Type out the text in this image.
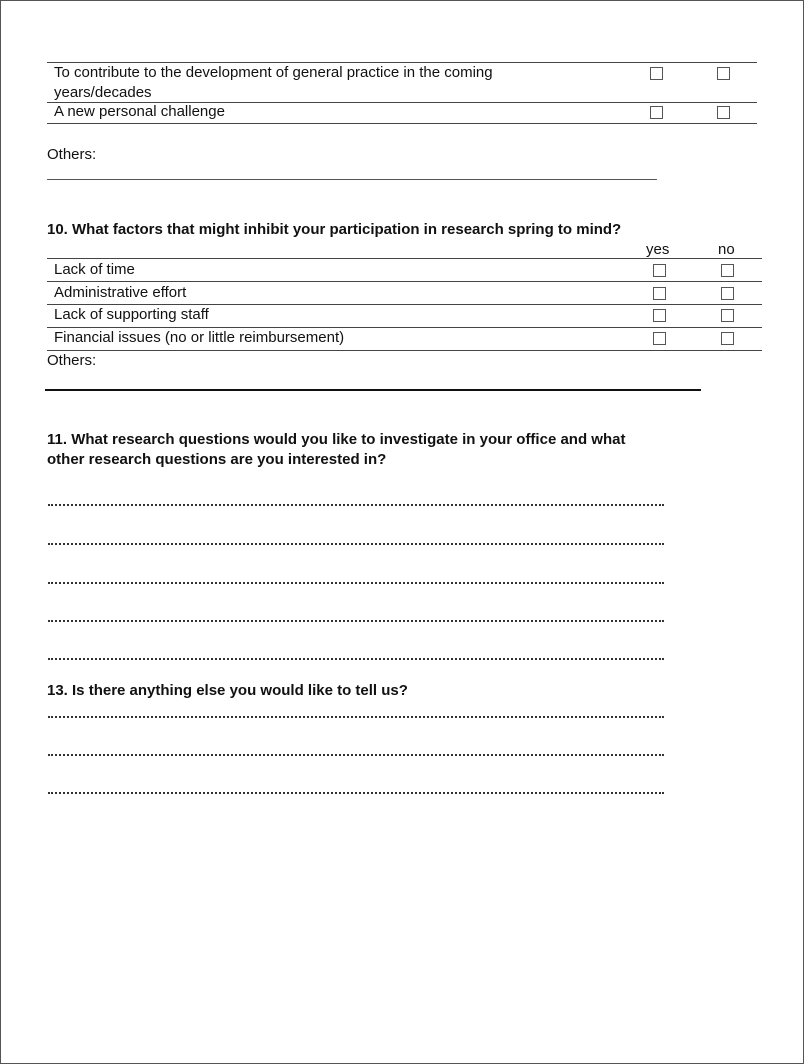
To contribute to the development of general practice in the coming
years/decades
A new personal challenge
Others:
10. What factors that might inhibit your participation in research spring to mind?
yes	no
Lack of time
Administrative effort
Lack of supporting staff
Financial issues (no or little reimbursement)
Others:
11. What research questions would you like to investigate in your office and what
other research questions are you interested in?
13. Is there anything else you would like to tell us?
